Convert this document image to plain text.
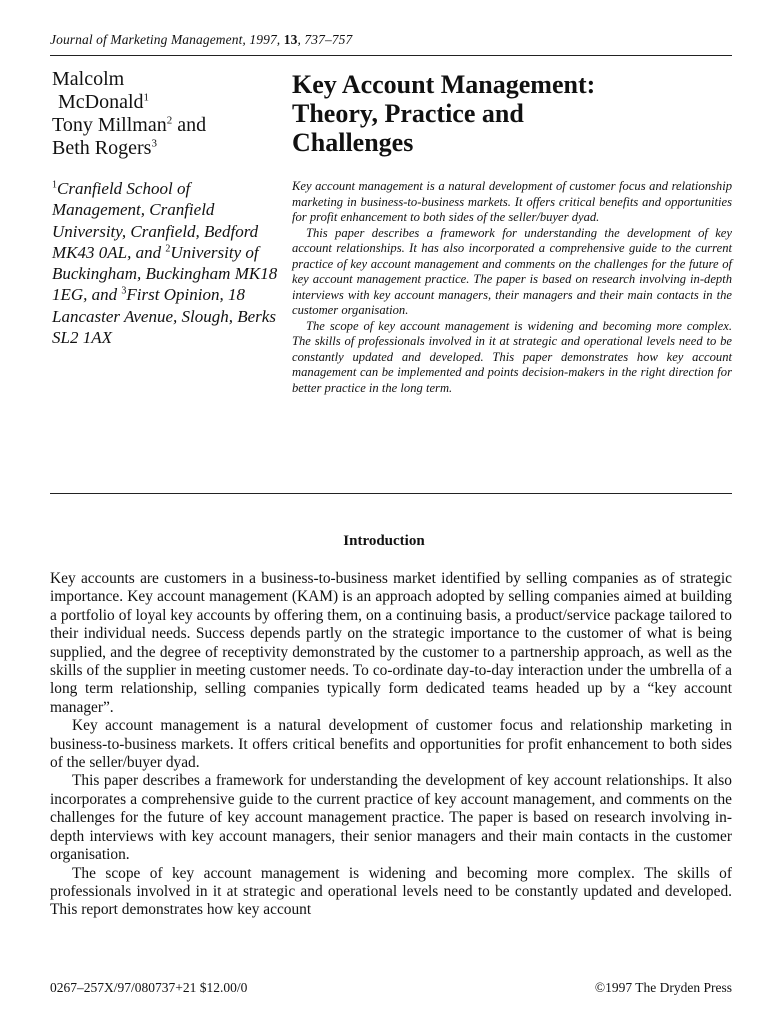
Journal of Marketing Management, 1997, 13, 737–757
Malcolm
McDonald$^1$
Tony Millman$^2$ and
Beth Rogers$^3$
$^1$Cranfield School of Management, Cranfield University, Cranfield, Bedford MK43 0AL, and $^2$University of Buckingham, Buckingham MK18 1EG, and $^3$First Opinion, 18 Lancaster Avenue, Slough, Berks SL2 1AX
Key Account Management:
Theory, Practice and
Challenges

Key account management is a natural development of customer focus and relationship marketing in business-to-business markets. It offers critical benefits and opportunities for profit enhancement to both sides of the seller/buyer dyad.

This paper describes a framework for understanding the development of key account relationships. It has also incorporated a comprehensive guide to the current practice of key account management and comments on the challenges for the future of key account management practice. The paper is based on research involving in-depth interviews with key account managers, their managers and their main contacts in the customer organisation.

The scope of key account management is widening and becoming more complex. The skills of professionals involved in it at strategic and operational levels need to be constantly updated and developed. This paper demonstrates how key account management can be implemented and points decision-makers in the right direction for better practice in the long term.

Introduction

Key accounts are customers in a business-to-business market identified by selling companies as of strategic importance. Key account management (KAM) is an approach adopted by selling companies aimed at building a portfolio of loyal key accounts by offering them, on a continuing basis, a product/service package tailored to their individual needs. Success depends partly on the strategic importance to the customer of what is being supplied, and the degree of receptivity demonstrated by the customer to a partnership approach, as well as the skills of the supplier in meeting customer needs. To co-ordinate day-to-day interaction under the umbrella of a long term relationship, selling companies typically form dedicated teams headed up by a “key account manager”.

Key account management is a natural development of customer focus and relationship marketing in business-to-business markets. It offers critical benefits and opportunities for profit enhancement to both sides of the seller/buyer dyad.

This paper describes a framework for understanding the development of key account relationships. It also incorporates a comprehensive guide to the current practice of key account management, and comments on the challenges for the future of key account management practice. The paper is based on research involving in-depth interviews with key account managers, their senior managers and their main contacts in the customer organisation.

The scope of key account management is widening and becoming more complex. The skills of professionals involved in it at strategic and operational levels need to be constantly updated and developed. This report demonstrates how key account

0267–257X/97/080737+21 $12.00/0	©1997 The Dryden Press
